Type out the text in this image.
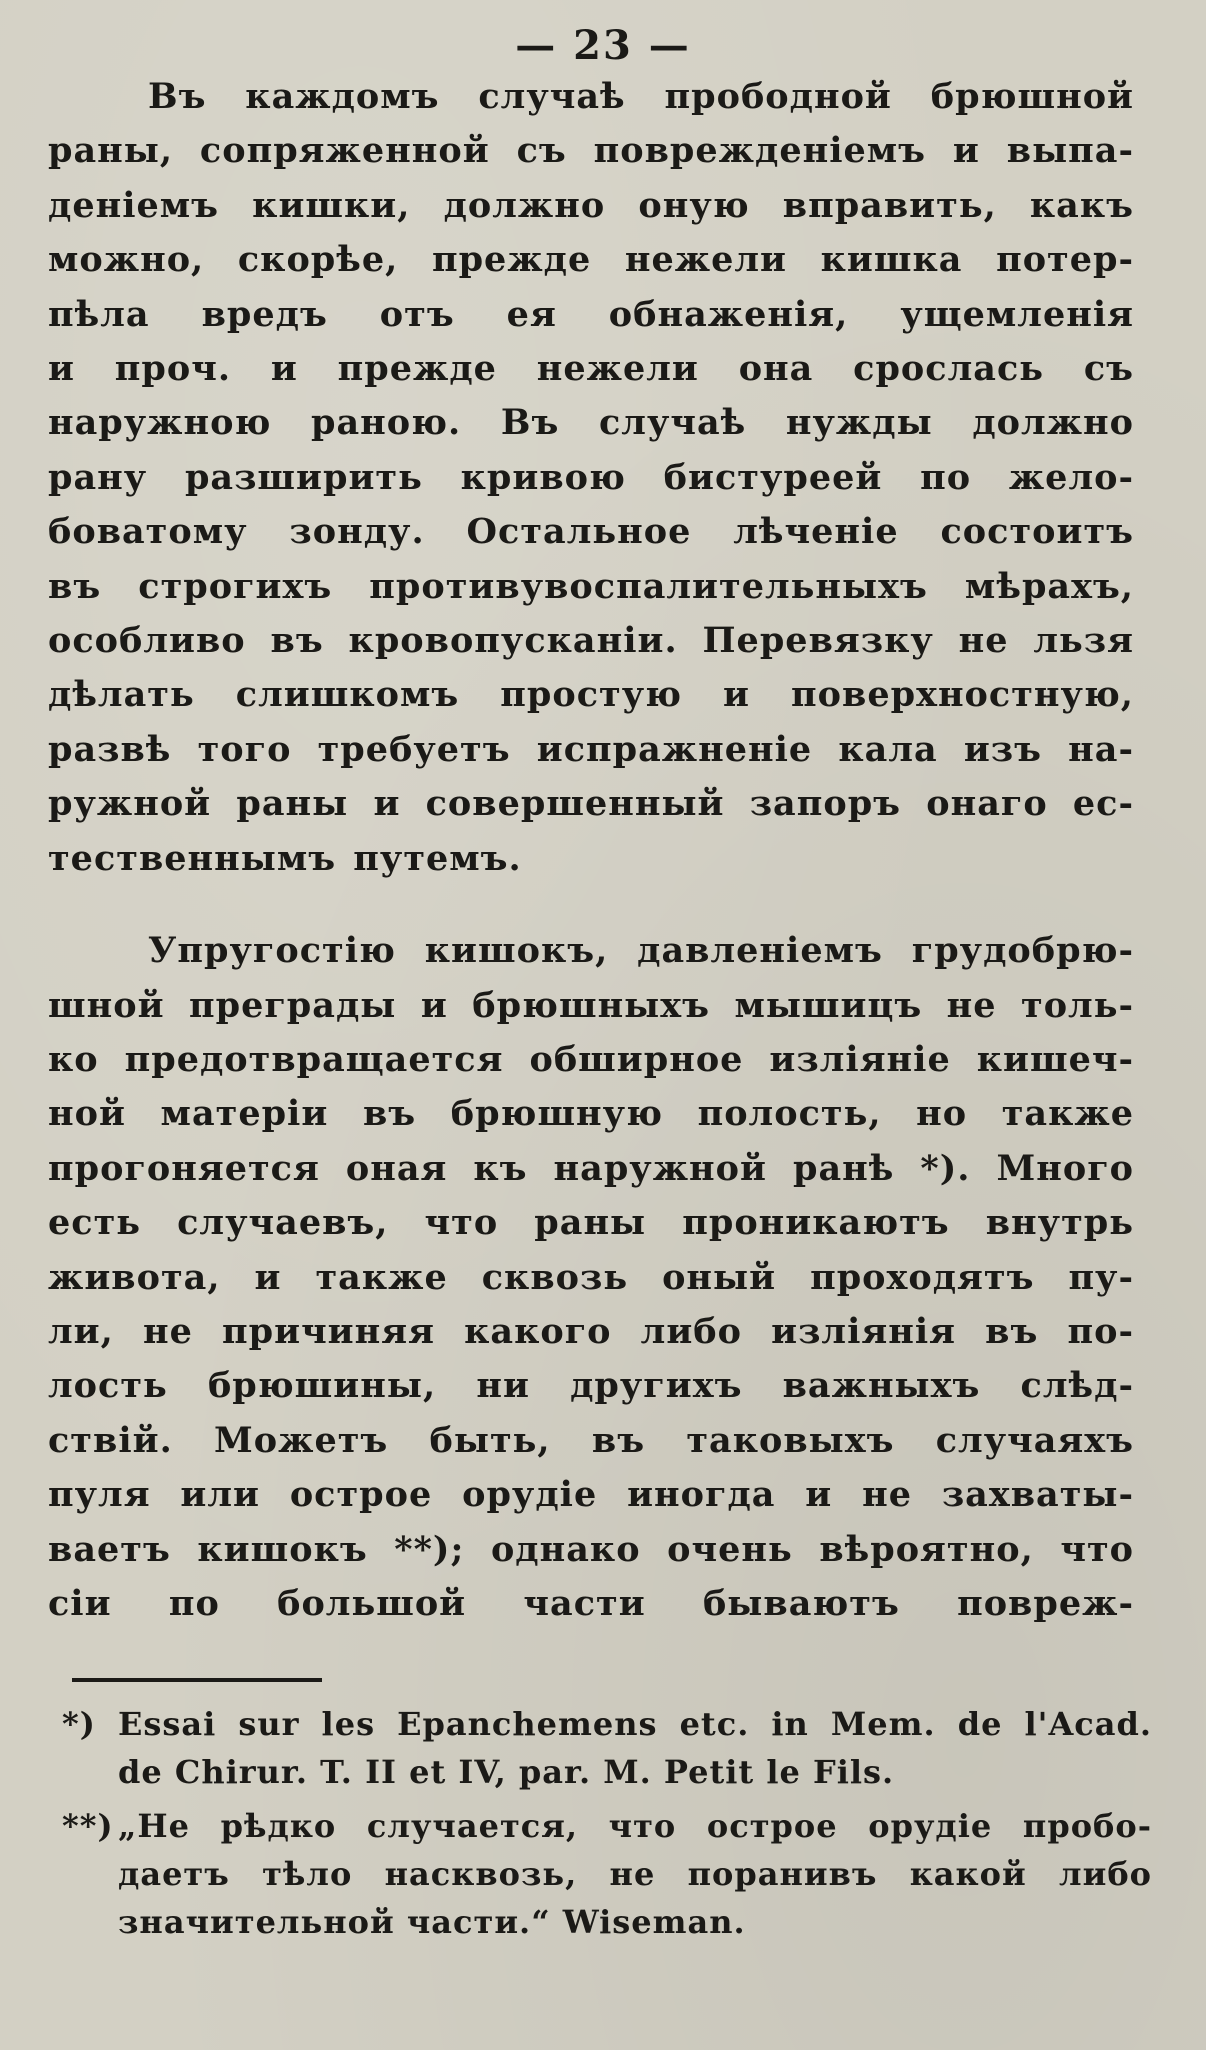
— 23 —

Въ каждомъ случаѣ прободной брюшной
раны, сопряженной съ поврежденіемъ и выпа-
деніемъ кишки, должно оную вправить, какъ
можно, скорѣе, прежде нежели кишка потер-
пѣла вредъ отъ ея обнаженія, ущемленія
и проч. и прежде нежели она срослась съ
наружною раною. Въ случаѣ нужды должно
рану разширить кривою бистуреей по жело-
боватому зонду. Остальное лѣченіе состоитъ
въ строгихъ противувоспалительныхъ мѣрахъ,
особливо въ кровопусканіи. Перевязку не льзя
дѣлать слишкомъ простую и поверхностную,
развѣ того требуетъ испражненіе кала изъ на-
ружной раны и совершенный запоръ онаго ес-
тественнымъ путемъ.

Упругостію кишокъ, давленіемъ грудобрю-
шной преграды и брюшныхъ мышицъ не толь-
ко предотвращается обширное изліяніе кишеч-
ной матеріи въ брюшную полость, но также
прогоняется оная къ наружной ранѣ *). Много
есть случаевъ, что раны проникаютъ внутрь
живота, и также сквозь оный проходятъ пу-
ли, не причиняя какого либо изліянія въ по-
лость брюшины, ни другихъ важныхъ слѣд-
ствій. Можетъ быть, въ таковыхъ случаяхъ
пуля или острое орудіе иногда и не захваты-
ваетъ кишокъ **); однако очень вѣроятно, что
сіи по большой части бываютъ повреж-

*) Essai sur les Epanchemens etc. in Mem. de l'Acad.
de Chirur. T. II et IV, par. M. Petit le Fils.
**) „Не рѣдко случается, что острое орудіе пробо-
даетъ тѣло насквозь, не поранивъ какой либо
значительной части.“ Wiseman.
